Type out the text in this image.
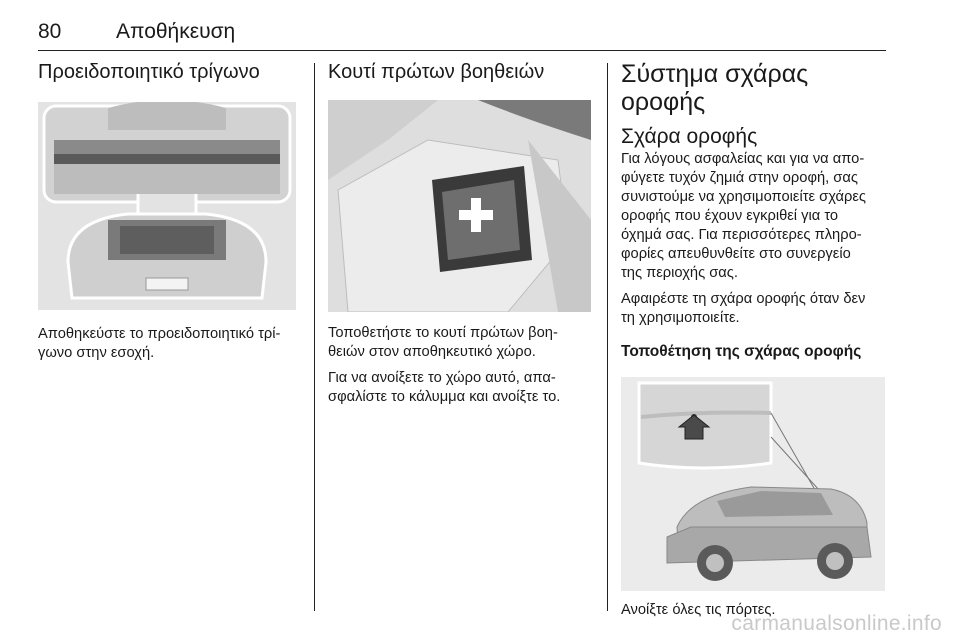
80	Αποθήκευση
Προειδοποιητικό τρίγωνο

Αποθηκεύστε το προειδοποιητικό τρί‐

γωνο στην εσοχή.

Κουτί πρώτων βοηθειών

Τοποθετήστε το κουτί πρώτων βοη‐

θειών στον αποθηκευτικό χώρο.

Για να ανοίξετε το χώρο αυτό, απα‐

σφαλίστε το κάλυμμα και ανοίξτε το.

Σύστημα σχάρας
οροφής
Σχάρα οροφής

Για λόγους ασφαλείας και για να απο‐

φύγετε τυχόν ζημιά στην οροφή, σας

συνιστούμε να χρησιμοποιείτε σχάρες

οροφής που έχουν εγκριθεί για το

όχημά σας. Για περισσότερες πληρο‐

φορίες απευθυνθείτε στο συνεργείο

της περιοχής σας.

Αφαιρέστε τη σχάρα οροφής όταν δεν

τη χρησιμοποιείτε.

Τοποθέτηση της σχάρας οροφής

Ανοίξτε όλες τις πόρτες.

carmanualsonline.info
